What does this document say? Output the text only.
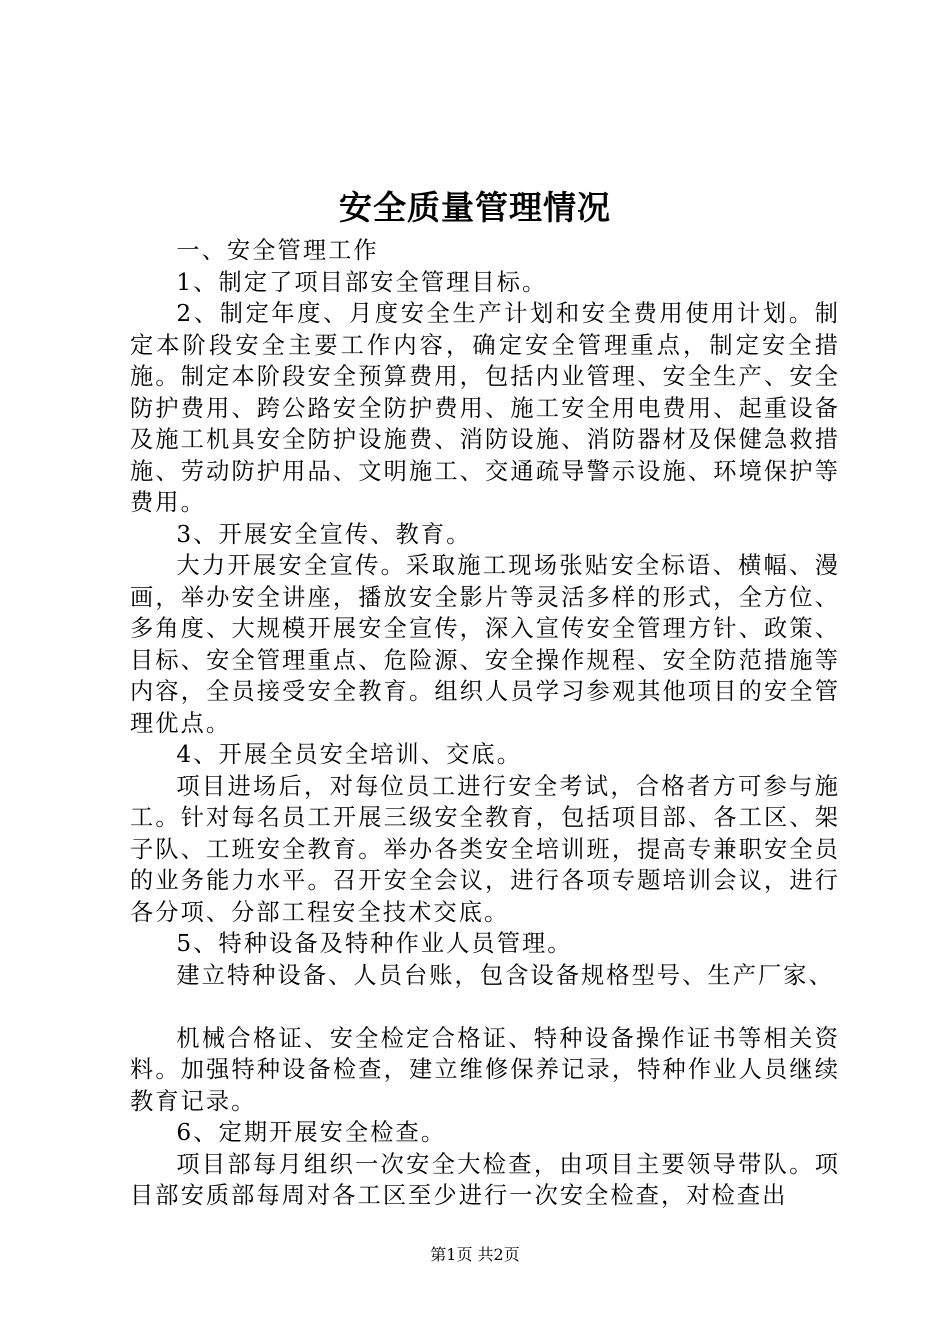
安全质量管理情况

一、安全管理工作

1、制定了项目部安全管理目标。

2、制定年度、月度安全生产计划和安全费用使用计划。制定本阶段安全主要工作内容，确定安全管理重点，制定安全措施。制定本阶段安全预算费用，包括内业管理、安全生产、安全防护费用、跨公路安全防护费用、施工安全用电费用、起重设备及施工机具安全防护设施费、消防设施、消防器材及保健急救措施、劳动防护用品、文明施工、交通疏导警示设施、环境保护等费用。

3、开展安全宣传、教育。

大力开展安全宣传。采取施工现场张贴安全标语、横幅、漫画，举办安全讲座，播放安全影片等灵活多样的形式，全方位、多角度、大规模开展安全宣传，深入宣传安全管理方针、政策、目标、安全管理重点、危险源、安全操作规程、安全防范措施等内容，全员接受安全教育。组织人员学习参观其他项目的安全管理优点。

4、开展全员安全培训、交底。

项目进场后，对每位员工进行安全考试，合格者方可参与施工。针对每名员工开展三级安全教育，包括项目部、各工区、架子队、工班安全教育。举办各类安全培训班，提高专兼职安全员的业务能力水平。召开安全会议，进行各项专题培训会议，进行各分项、分部工程安全技术交底。

5、特种设备及特种作业人员管理。

建立特种设备、人员台账，包含设备规格型号、生产厂家、

机械合格证、安全检定合格证、特种设备操作证书等相关资料。加强特种设备检查，建立维修保养记录，特种作业人员继续教育记录。

6、定期开展安全检查。

项目部每月组织一次安全大检查，由项目主要领导带队。项目部安质部每周对各工区至少进行一次安全检查，对检查出

第1页 共2页
